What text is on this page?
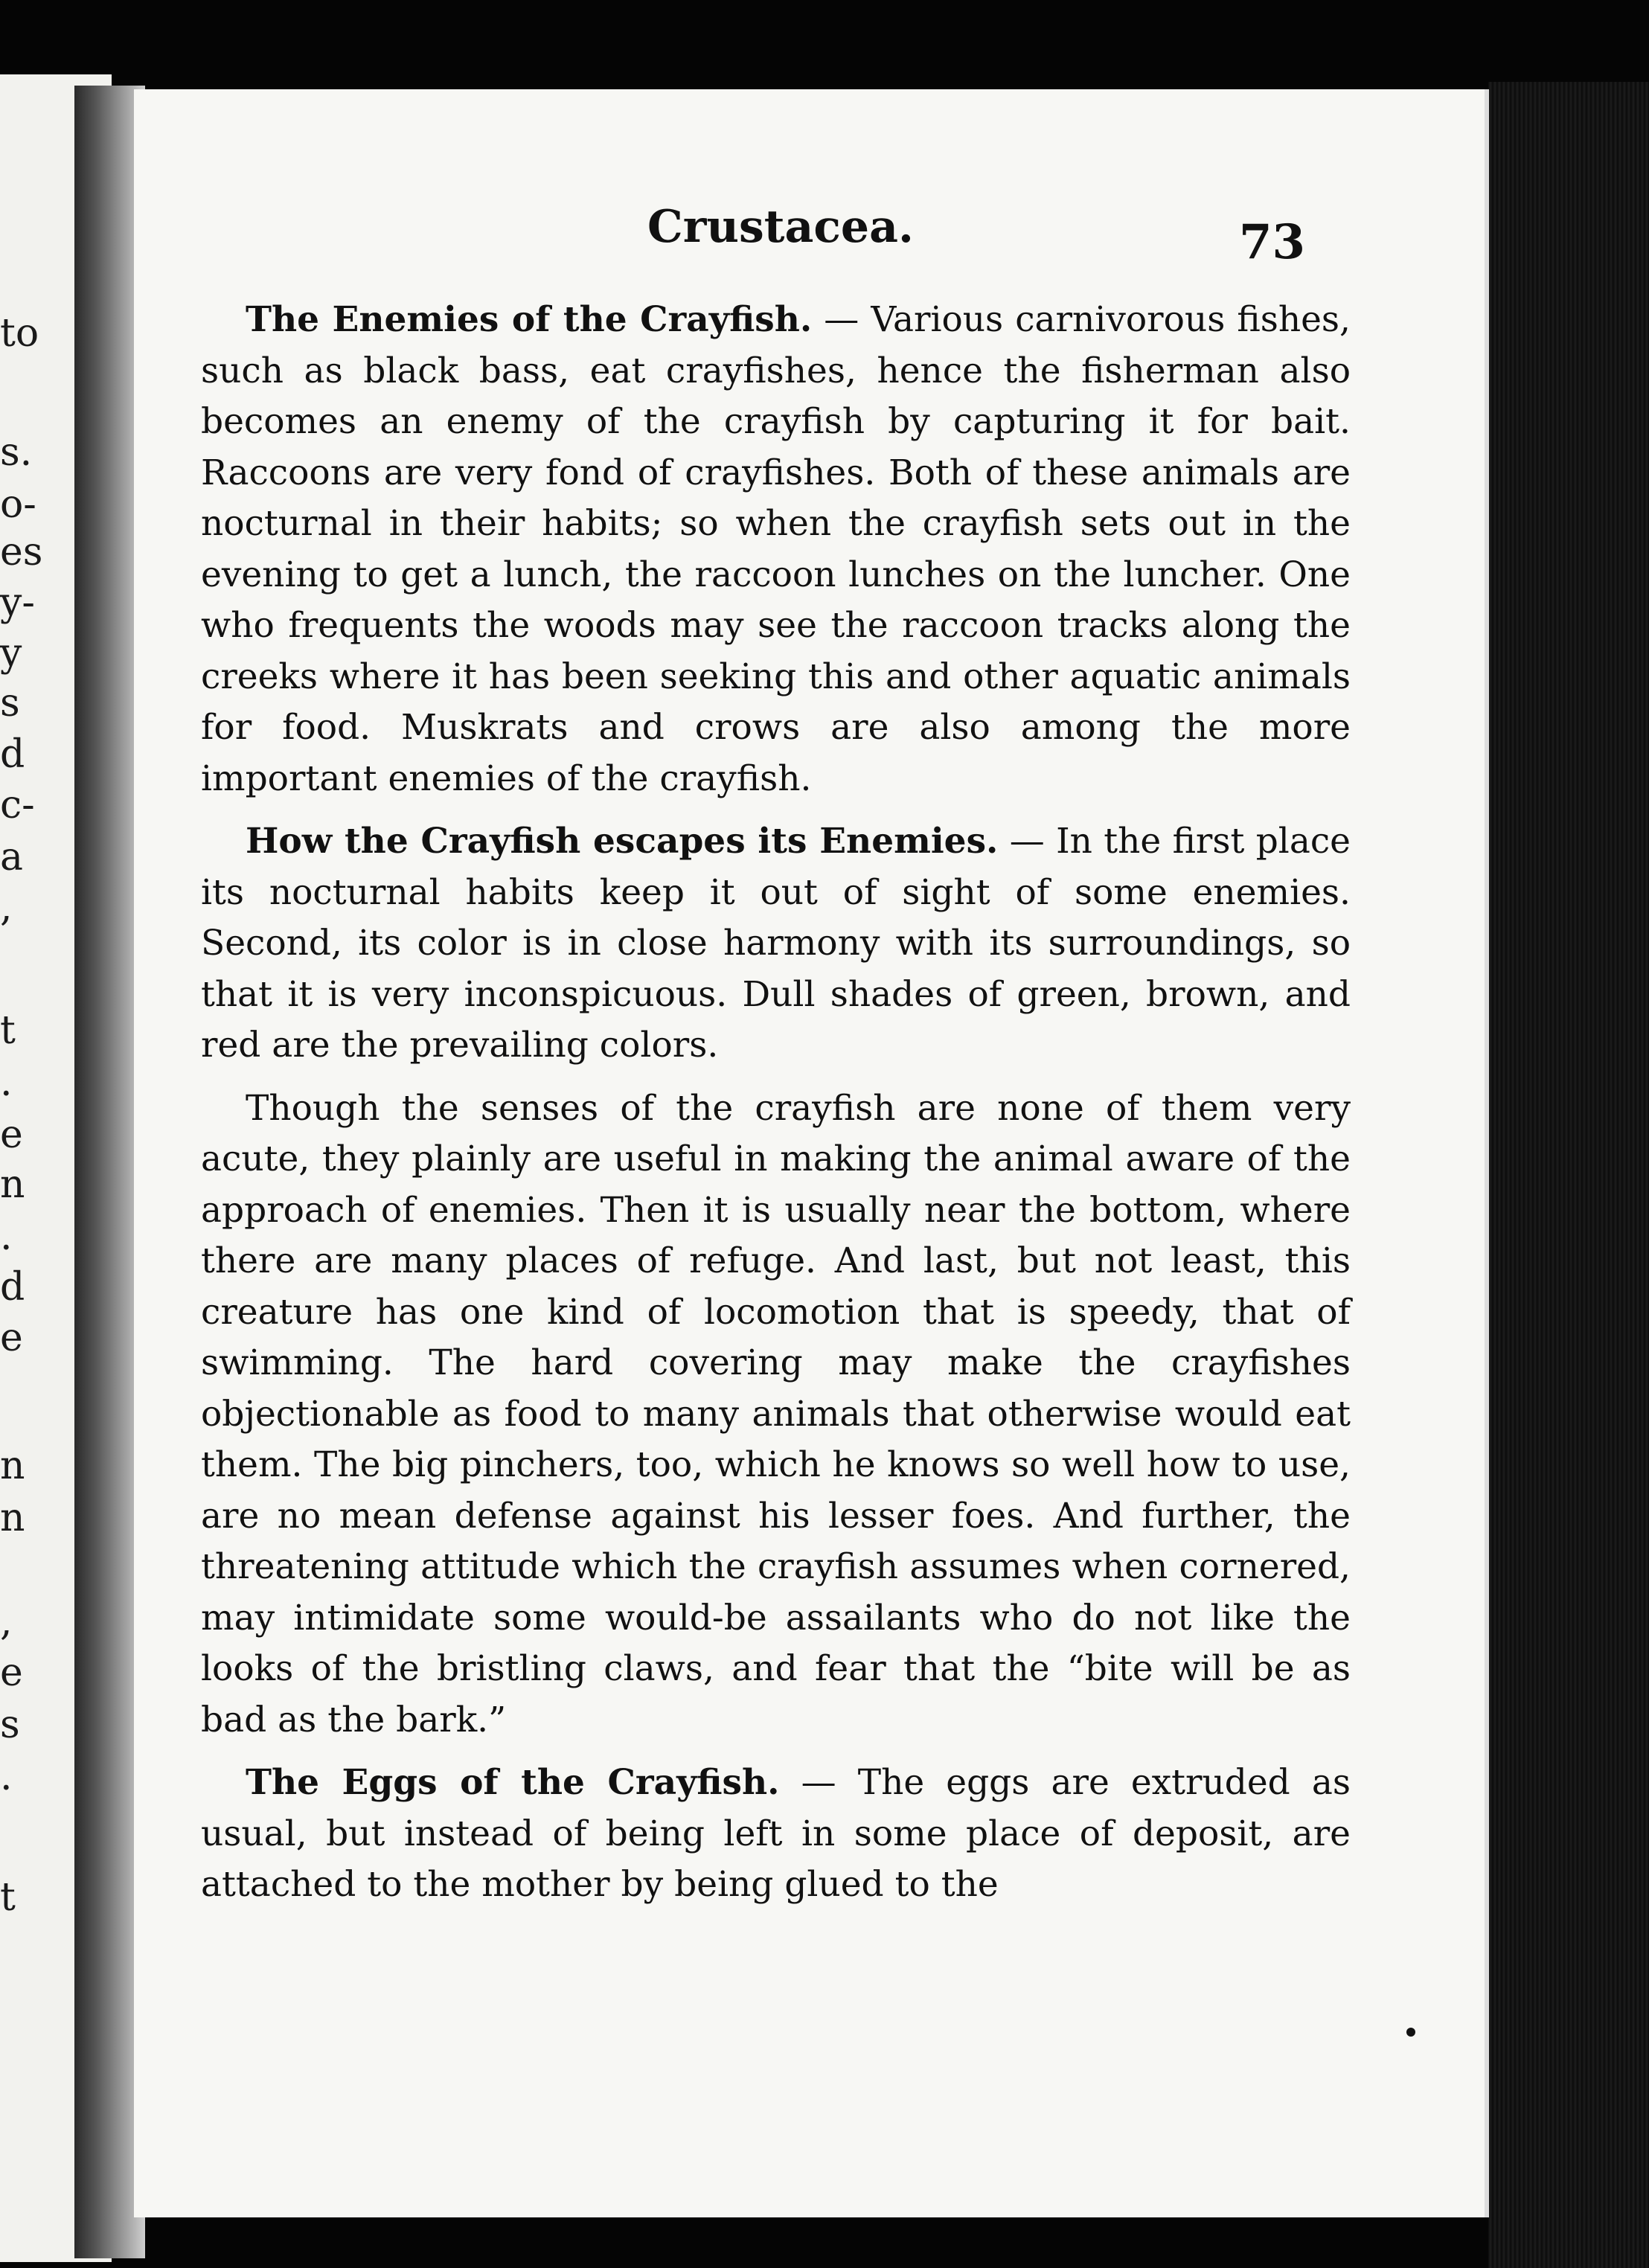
to
s.
o-
es
y-
y
s
d
c-
a
,
t
.
e
n
.
d
e
n
n
,
e
s
.
t
Crustacea.	73

The Enemies of the Crayfish. — Various carnivorous fishes, such as black bass, eat crayfishes, hence the fisherman also becomes an enemy of the crayfish by capturing it for bait. Raccoons are very fond of crayfishes. Both of these animals are nocturnal in their habits; so when the crayfish sets out in the evening to get a lunch, the raccoon lunches on the luncher. One who frequents the woods may see the raccoon tracks along the creeks where it has been seeking this and other aquatic animals for food. Muskrats and crows are also among the more important enemies of the crayfish.

How the Crayfish escapes its Enemies. — In the first place its nocturnal habits keep it out of sight of some enemies. Second, its color is in close harmony with its surroundings, so that it is very inconspicuous. Dull shades of green, brown, and red are the prevailing colors.

Though the senses of the crayfish are none of them very acute, they plainly are useful in making the animal aware of the approach of enemies. Then it is usually near the bottom, where there are many places of refuge. And last, but not least, this creature has one kind of locomotion that is speedy, that of swimming. The hard covering may make the crayfishes objectionable as food to many animals that otherwise would eat them. The big pinchers, too, which he knows so well how to use, are no mean defense against his lesser foes. And further, the threatening attitude which the crayfish assumes when cornered, may intimidate some would-be assailants who do not like the looks of the bristling claws, and fear that the “bite will be as bad as the bark.”

The Eggs of the Crayfish. — The eggs are extruded as usual, but instead of being left in some place of deposit, are attached to the mother by being glued to the
